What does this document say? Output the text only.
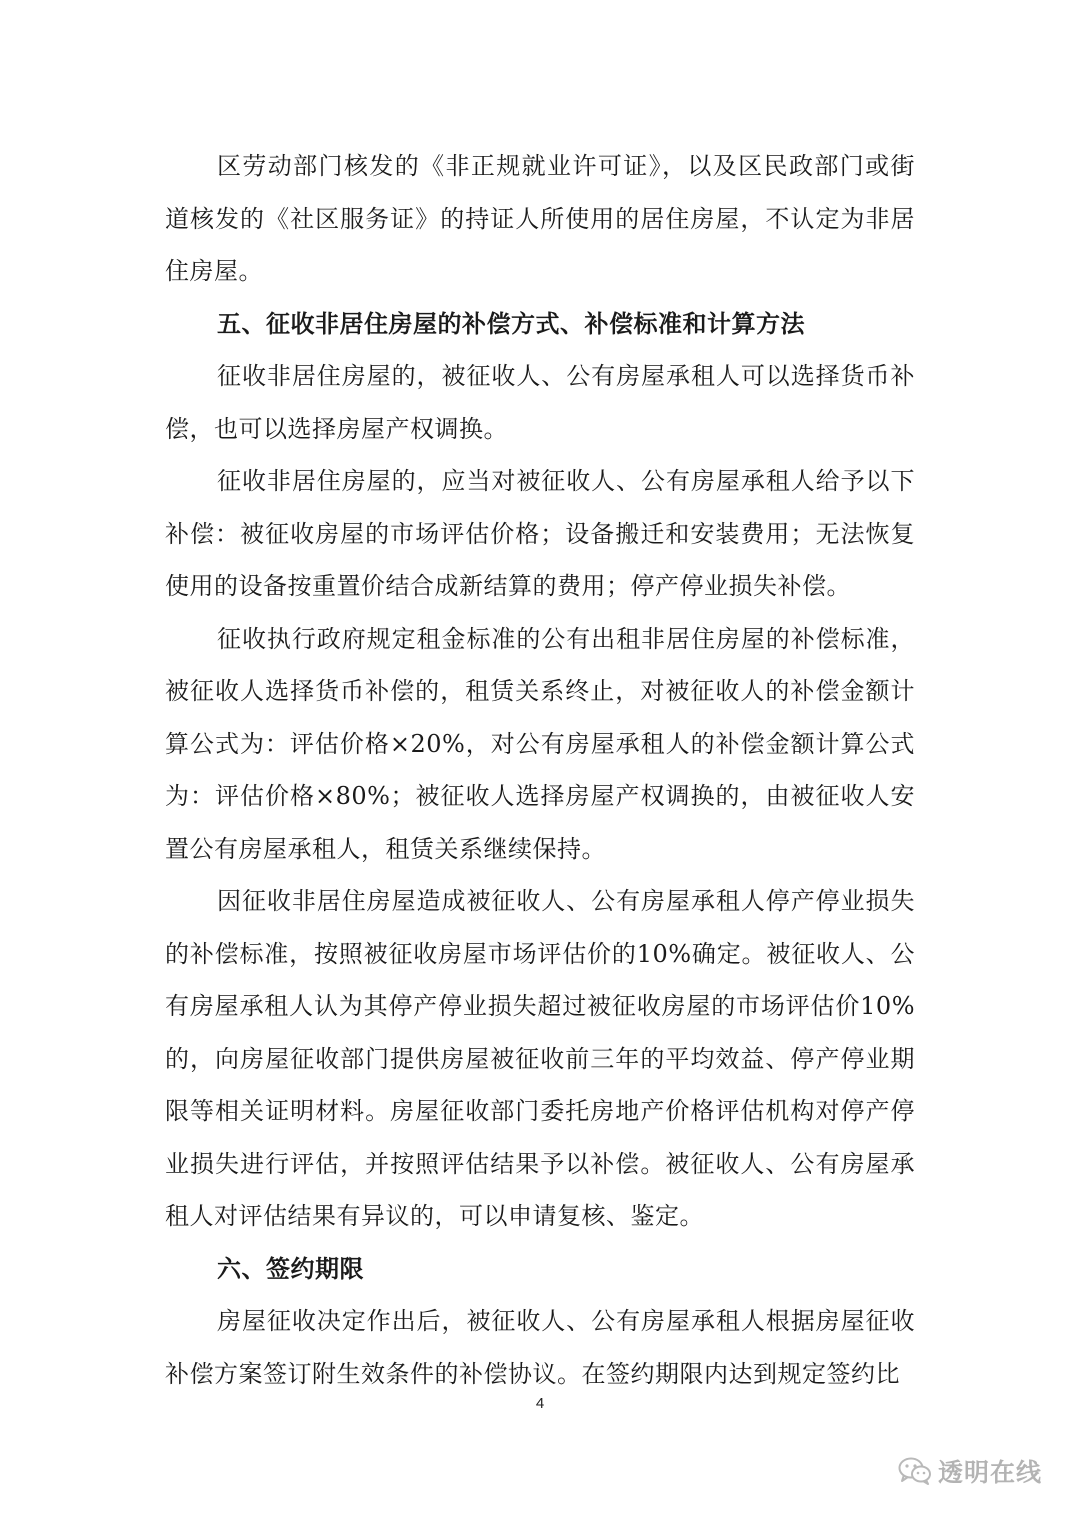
区劳动部门核发的《非正规就业许可证》，以及区民政部门或街道核发的《社区服务证》的持证人所使用的居住房屋，不认定为非居住房屋。

五、征收非居住房屋的补偿方式、补偿标准和计算方法

征收非居住房屋的，被征收人、公有房屋承租人可以选择货币补偿，也可以选择房屋产权调换。

征收非居住房屋的，应当对被征收人、公有房屋承租人给予以下补偿：被征收房屋的市场评估价格；设备搬迁和安装费用；无法恢复使用的设备按重置价结合成新结算的费用；停产停业损失补偿。

征收执行政府规定租金标准的公有出租非居住房屋的补偿标准，被征收人选择货币补偿的，租赁关系终止，对被征收人的补偿金额计算公式为：评估价格×20%，对公有房屋承租人的补偿金额计算公式为：评估价格×80%；被征收人选择房屋产权调换的，由被征收人安置公有房屋承租人，租赁关系继续保持。

因征收非居住房屋造成被征收人、公有房屋承租人停产停业损失的补偿标准，按照被征收房屋市场评估价的10%确定。被征收人、公有房屋承租人认为其停产停业损失超过被征收房屋的市场评估价10%的，向房屋征收部门提供房屋被征收前三年的平均效益、停产停业期限等相关证明材料。房屋征收部门委托房地产价格评估机构对停产停业损失进行评估，并按照评估结果予以补偿。被征收人、公有房屋承租人对评估结果有异议的，可以申请复核、鉴定。

六、签约期限

房屋征收决定作出后，被征收人、公有房屋承租人根据房屋征收补偿方案签订附生效条件的补偿协议。在签约期限内达到规定签约比

4
透明在线
